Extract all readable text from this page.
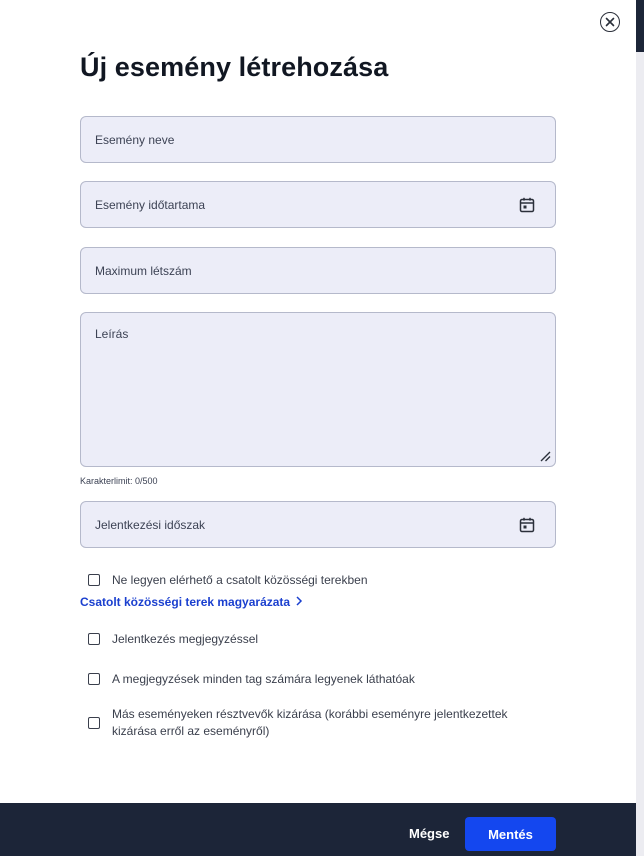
Új esemény létrehozása
Esemény neve
Esemény időtartama
Maximum létszám
Leírás
Karakterlimit: 0/500
Jelentkezési időszak
Ne legyen elérhető a csatolt közösségi terekben
Csatolt közösségi terek magyarázata
Jelentkezés megjegyzéssel
A megjegyzések minden tag számára legyenek láthatóak
Más eseményeken résztvevők kizárása (korábbi eseményre jelentkezettek kizárása erről az eseményről)
Mégse	Mentés
